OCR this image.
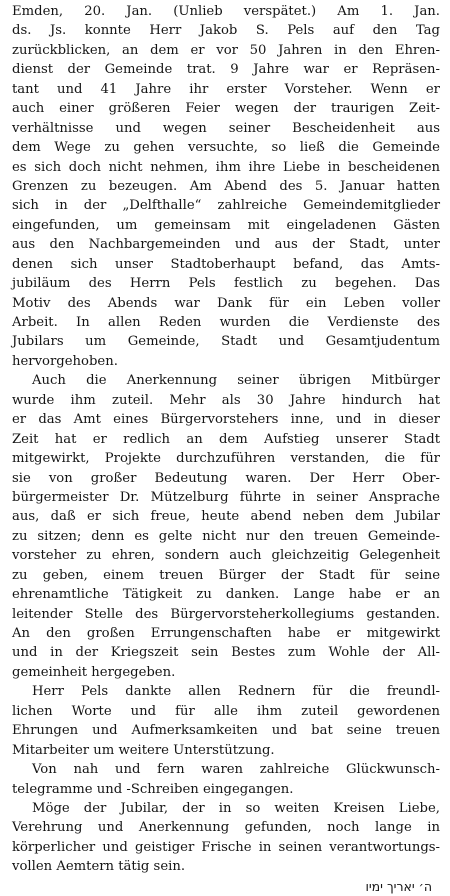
Emden, 20. Jan. (Unlieb verspätet.) Am 1. Jan.
ds. Js. konnte Herr Jakob S. Pels auf den Tag
zurückblicken, an dem er vor 50 Jahren in den Ehren-
dienst der Gemeinde trat. 9 Jahre war er Repräsen-
tant und 41 Jahre ihr erster Vorsteher. Wenn er
auch einer größeren Feier wegen der traurigen Zeit-
verhältnisse und wegen seiner Bescheidenheit aus
dem Wege zu gehen versuchte, so ließ die Gemeinde
es sich doch nicht nehmen, ihm ihre Liebe in bescheidenen
Grenzen zu bezeugen. Am Abend des 5. Januar hatten
sich in der „Delfthalle“ zahlreiche Gemeindemitglieder
eingefunden, um gemeinsam mit eingeladenen Gästen
aus den Nachbargemeinden und aus der Stadt, unter
denen sich unser Stadtoberhaupt befand, das Amts-
jubiläum des Herrn Pels festlich zu begehen. Das
Motiv des Abends war Dank für ein Leben voller
Arbeit. In allen Reden wurden die Verdienste des
Jubilars um Gemeinde, Stadt und Gesamtjudentum
hervorgehoben.
Auch die Anerkennung seiner übrigen Mitbürger
wurde ihm zuteil. Mehr als 30 Jahre hindurch hat
er das Amt eines Bürgervorstehers inne, und in dieser
Zeit hat er redlich an dem Aufstieg unserer Stadt
mitgewirkt, Projekte durchzuführen verstanden, die für
sie von großer Bedeutung waren. Der Herr Ober-
bürgermeister Dr. Mützelburg führte in seiner Ansprache
aus, daß er sich freue, heute abend neben dem Jubilar
zu sitzen; denn es gelte nicht nur den treuen Gemeinde-
vorsteher zu ehren, sondern auch gleichzeitig Gelegenheit
zu geben, einem treuen Bürger der Stadt für seine
ehrenamtliche Tätigkeit zu danken. Lange habe er an
leitender Stelle des Bürgervorsteherkollegiums gestanden.
An den großen Errungenschaften habe er mitgewirkt
und in der Kriegszeit sein Bestes zum Wohle der All-
gemeinheit hergegeben.
Herr Pels dankte allen Rednern für die freundl-
lichen Worte und für alle ihm zuteil gewordenen
Ehrungen und Aufmerksamkeiten und bat seine treuen
Mitarbeiter um weitere Unterstützung.
Von nah und fern waren zahlreiche Glückwunsch-
telegramme und -Schreiben eingegangen.
Möge der Jubilar, der in so weiten Kreisen Liebe,
Verehrung und Anerkennung gefunden, noch lange in
körperlicher und geistiger Frische in seinen verantwortungs-
vollen Aemtern tätig sein.
ה׳ יאריך ימיו
